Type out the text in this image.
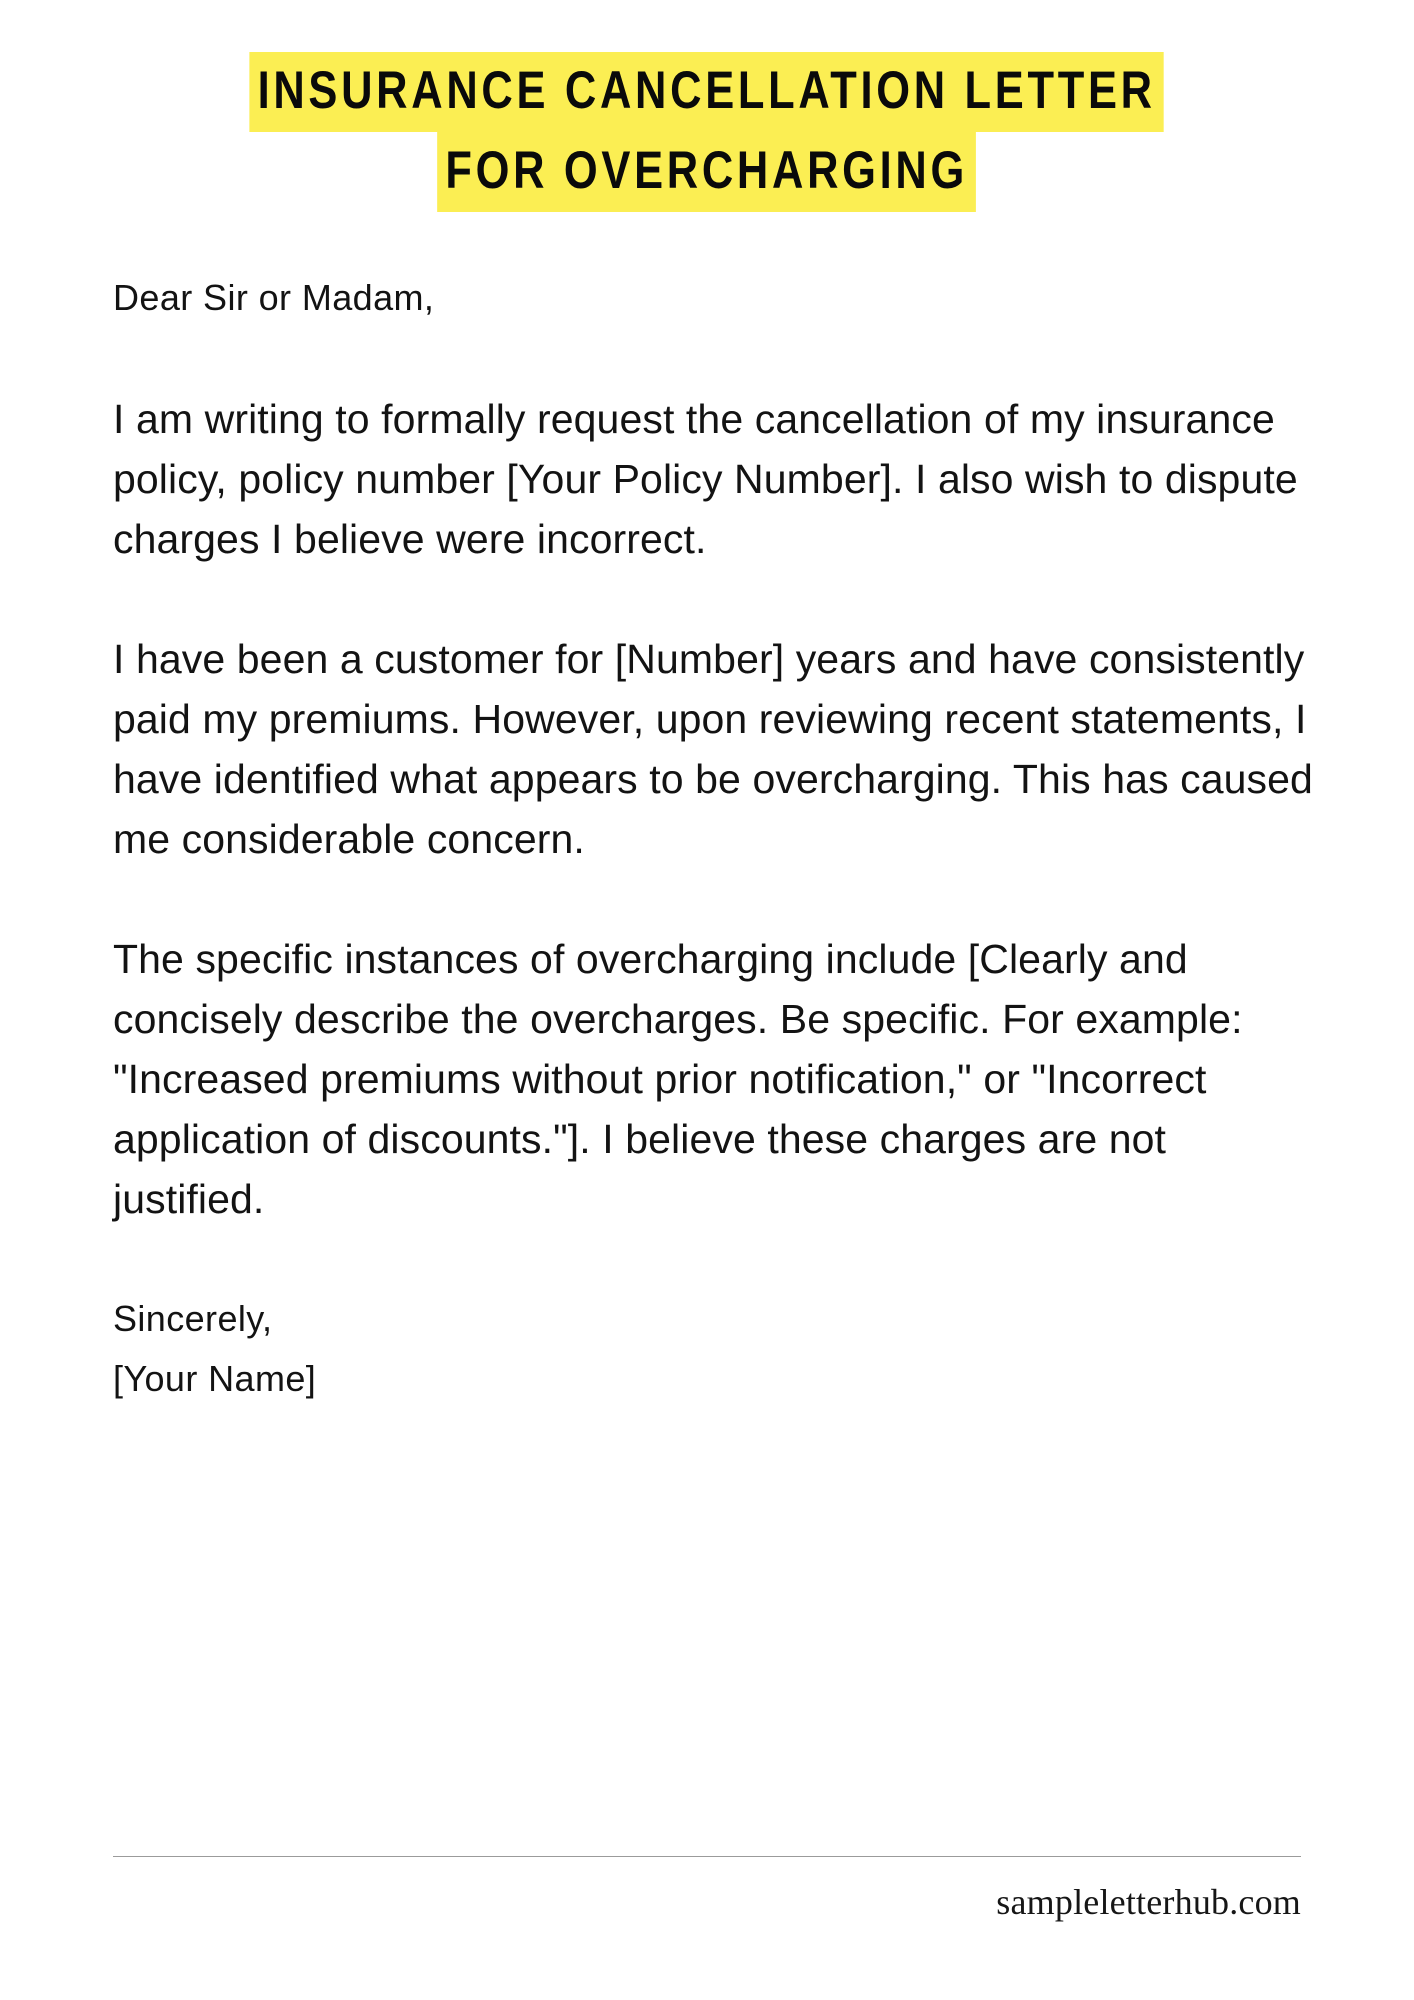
INSURANCE CANCELLATION LETTER
FOR OVERCHARGING

Dear Sir or Madam,

I am writing to formally request the cancellation of my insurance policy, policy number [Your Policy Number]. I also wish to dispute charges I believe were incorrect.

I have been a customer for [Number] years and have consistently paid my premiums. However, upon reviewing recent statements, I have identified what appears to be overcharging. This has caused me considerable concern.

The specific instances of overcharging include [Clearly and concisely describe the overcharges. Be specific. For example: "Increased premiums without prior notification," or "Incorrect application of discounts."]. I believe these charges are not justified.

Sincerely,

[Your Name]

sampleletterhub.com
